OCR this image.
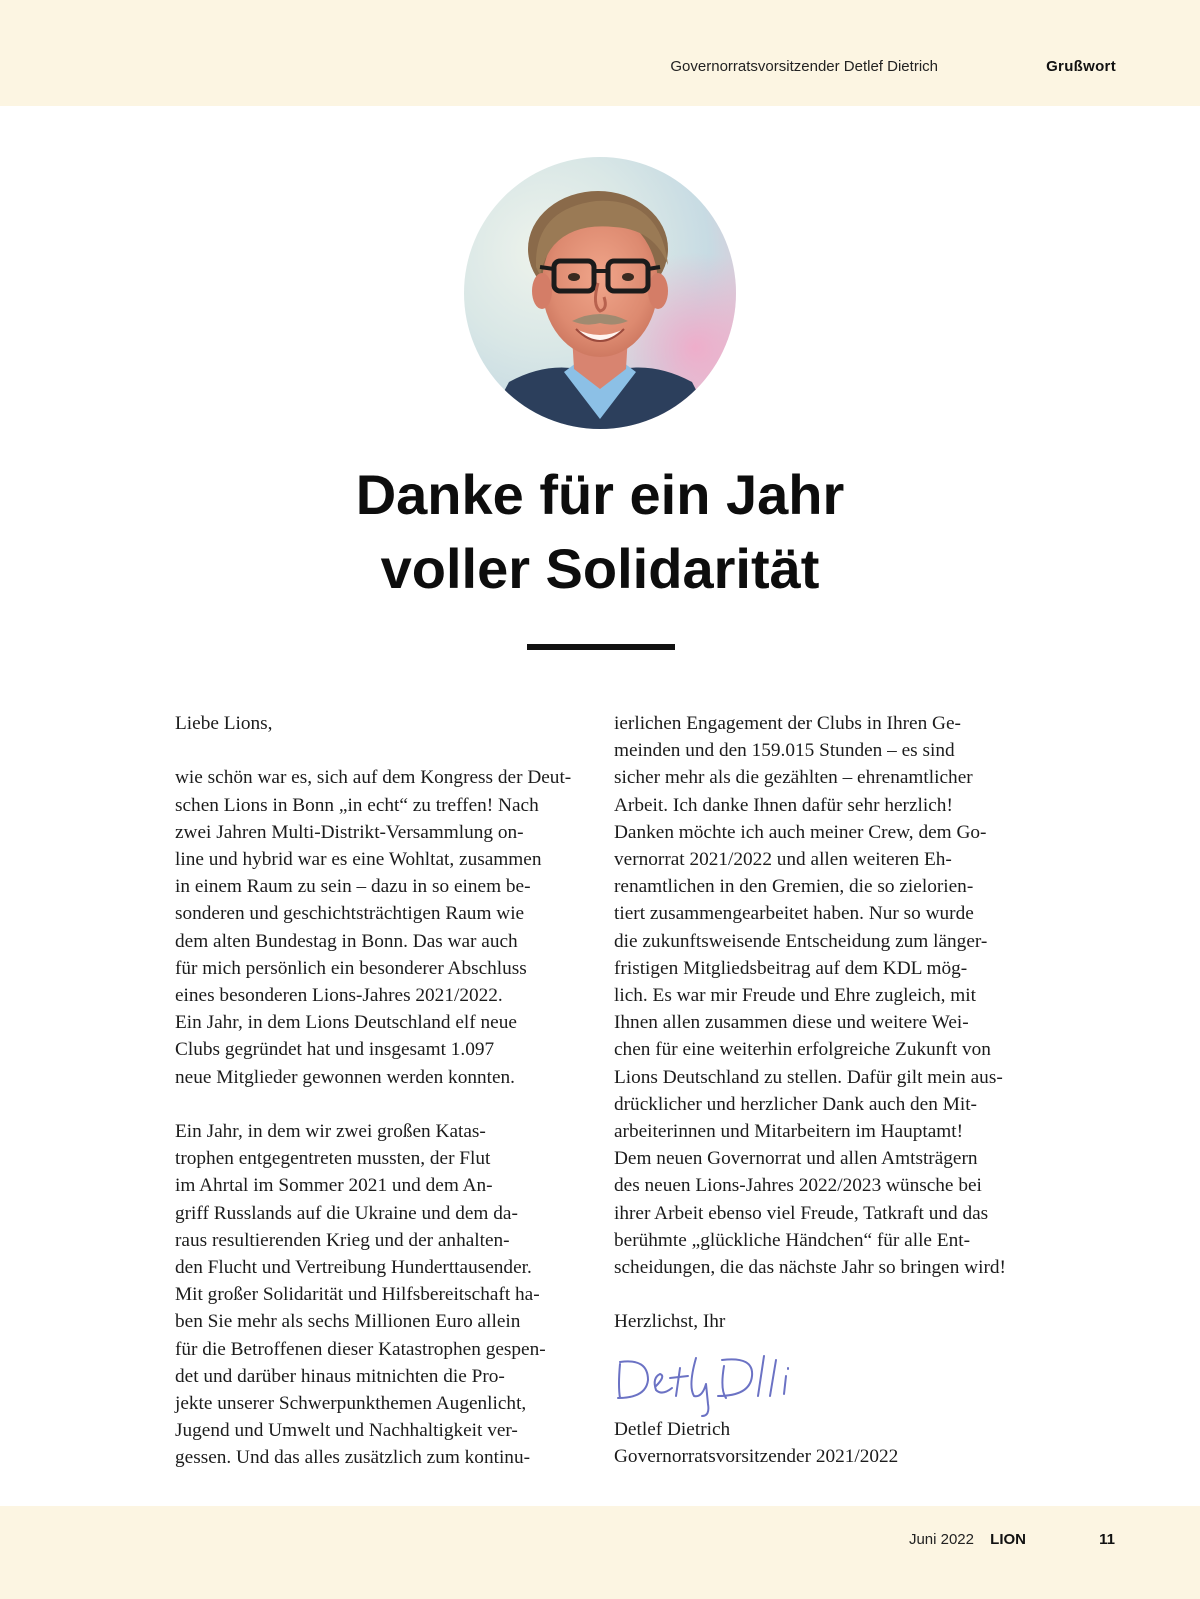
Governorratsvorsitzender Detlef Dietrich	Grußwort
Danke für ein Jahr
voller Solidarität
Liebe Lions,
wie schön war es, sich auf dem Kongress der Deut-
schen Lions in Bonn „in echt“ zu treffen! Nach
zwei Jahren Multi-Distrikt-Versammlung on-
line und hybrid war es eine Wohltat, zusammen
in einem Raum zu sein – dazu in so einem be-
sonderen und geschichtsträchtigen Raum wie
dem alten Bundestag in Bonn. Das war auch
für mich persönlich ein besonderer Abschluss
eines besonderen Lions-Jahres 2021/2022.
Ein Jahr, in dem Lions Deutschland elf neue
Clubs gegründet hat und insgesamt 1.097
neue Mitglieder gewonnen werden konnten.
Ein Jahr, in dem wir zwei großen Katas-
trophen entgegentreten mussten, der Flut
im Ahrtal im Sommer 2021 und dem An-
griff Russlands auf die Ukraine und dem da-
raus resultierenden Krieg und der anhalten-
den Flucht und Vertreibung Hunderttausender.
Mit großer Solidarität und Hilfsbereitschaft ha-
ben Sie mehr als sechs Millionen Euro allein
für die Betroffenen dieser Katastrophen gespen-
det und darüber hinaus mitnichten die Pro-
jekte unserer Schwerpunkthemen Augenlicht,
Jugend und Umwelt und Nachhaltigkeit ver-
gessen. Und das alles zusätzlich zum kontinu-
ierlichen Engagement der Clubs in Ihren Ge-
meinden und den 159.015 Stunden – es sind
sicher mehr als die gezählten – ehrenamtlicher
Arbeit. Ich danke Ihnen dafür sehr herzlich!
Danken möchte ich auch meiner Crew, dem Go-
vernorrat 2021/2022 und allen weiteren Eh-
renamtlichen in den Gremien, die so zielorien-
tiert zusammengearbeitet haben. Nur so wurde
die zukunftsweisende Entscheidung zum länger-
fristigen Mitgliedsbeitrag auf dem KDL mög-
lich. Es war mir Freude und Ehre zugleich, mit
Ihnen allen zusammen diese und weitere Wei-
chen für eine weiterhin erfolgreiche Zukunft von
Lions Deutschland zu stellen. Dafür gilt mein aus-
drücklicher und herzlicher Dank auch den Mit-
arbeiterinnen und Mitarbeitern im Hauptamt!
Dem neuen Governorrat und allen Amtsträgern
des neuen Lions-Jahres 2022/2023 wünsche bei
ihrer Arbeit ebenso viel Freude, Tatkraft und das
berühmte „glückliche Händchen“ für alle Ent-
scheidungen, die das nächste Jahr so bringen wird!
Herzlichst, Ihr
Detlef Dietrich
Governorratsvorsitzender 2021/2022
Juni 2022 LION	11
